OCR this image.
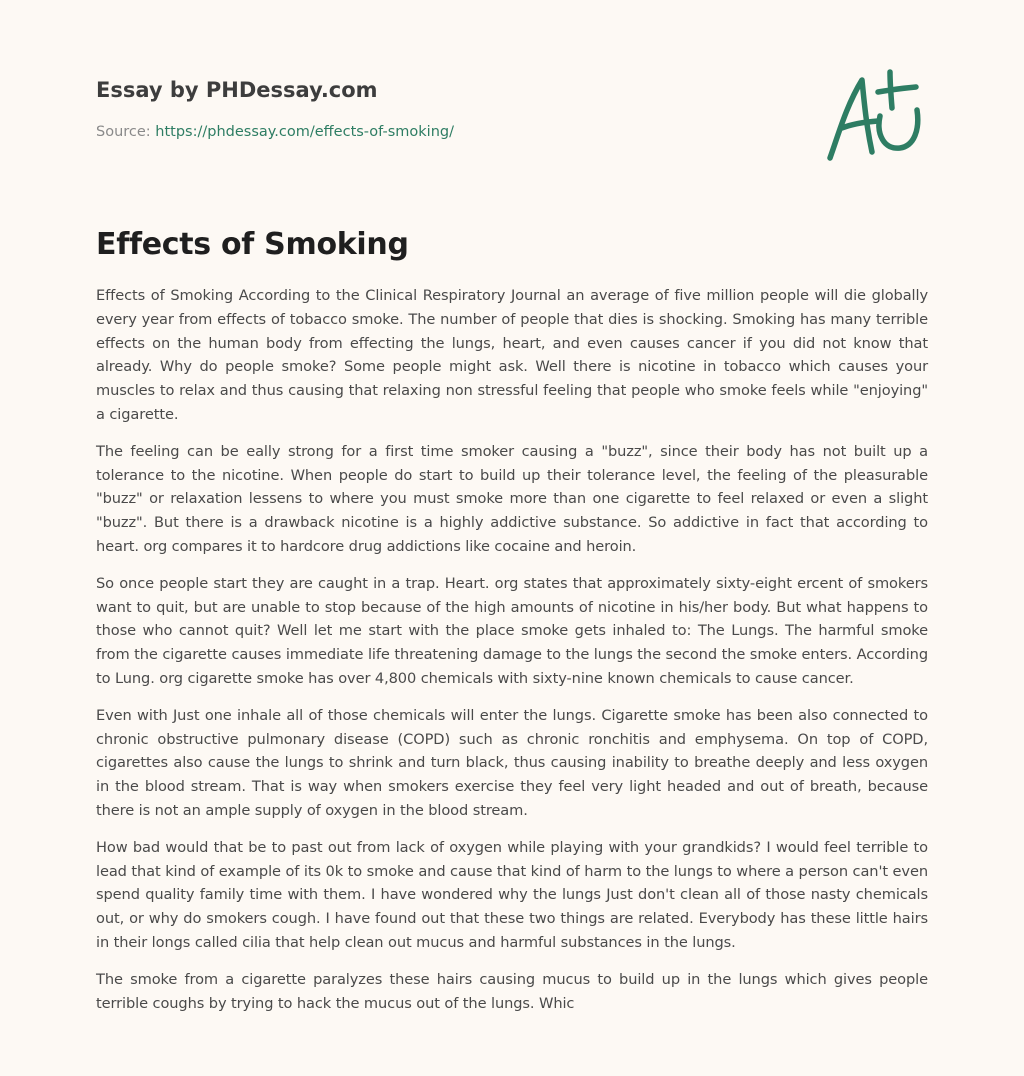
Essay by PHDessay.com
Source: https://phdessay.com/effects-of-smoking/
Effects of Smoking

Effects of Smoking According to the Clinical Respiratory Journal an average of five million people will die globally every year from effects of tobacco smoke. The number of people that dies is shocking. Smoking has many terrible effects on the human body from effecting the lungs, heart, and even causes cancer if you did not know that already. Why do people smoke? Some people might ask. Well there is nicotine in tobacco which causes your muscles to relax and thus causing that relaxing non stressful feeling that people who smoke feels while "enjoying" a cigarette.

The feeling can be eally strong for a first time smoker causing a "buzz", since their body has not built up a tolerance to the nicotine. When people do start to build up their tolerance level, the feeling of the pleasurable "buzz" or relaxation lessens to where you must smoke more than one cigarette to feel relaxed or even a slight "buzz". But there is a drawback nicotine is a highly addictive substance. So addictive in fact that according to heart. org compares it to hardcore drug addictions like cocaine and heroin.

So once people start they are caught in a trap. Heart. org states that approximately sixty-eight ercent of smokers want to quit, but are unable to stop because of the high amounts of nicotine in his/her body. But what happens to those who cannot quit? Well let me start with the place smoke gets inhaled to: The Lungs. The harmful smoke from the cigarette causes immediate life threatening damage to the lungs the second the smoke enters. According to Lung. org cigarette smoke has over 4,800 chemicals with sixty-nine known chemicals to cause cancer.

Even with Just one inhale all of those chemicals will enter the lungs. Cigarette smoke has been also connected to chronic obstructive pulmonary disease (COPD) such as chronic ronchitis and emphysema. On top of COPD, cigarettes also cause the lungs to shrink and turn black, thus causing inability to breathe deeply and less oxygen in the blood stream. That is way when smokers exercise they feel very light headed and out of breath, because there is not an ample supply of oxygen in the blood stream.

How bad would that be to past out from lack of oxygen while playing with your grandkids? I would feel terrible to lead that kind of example of its 0k to smoke and cause that kind of harm to the lungs to where a person can't even spend quality family time with them. I have wondered why the lungs Just don't clean all of those nasty chemicals out, or why do smokers cough. I have found out that these two things are related. Everybody has these little hairs in their longs called cilia that help clean out mucus and harmful substances in the lungs.

The smoke from a cigarette paralyzes these hairs causing mucus to build up in the lungs which gives people terrible coughs by trying to hack the mucus out of the lungs. Whic
